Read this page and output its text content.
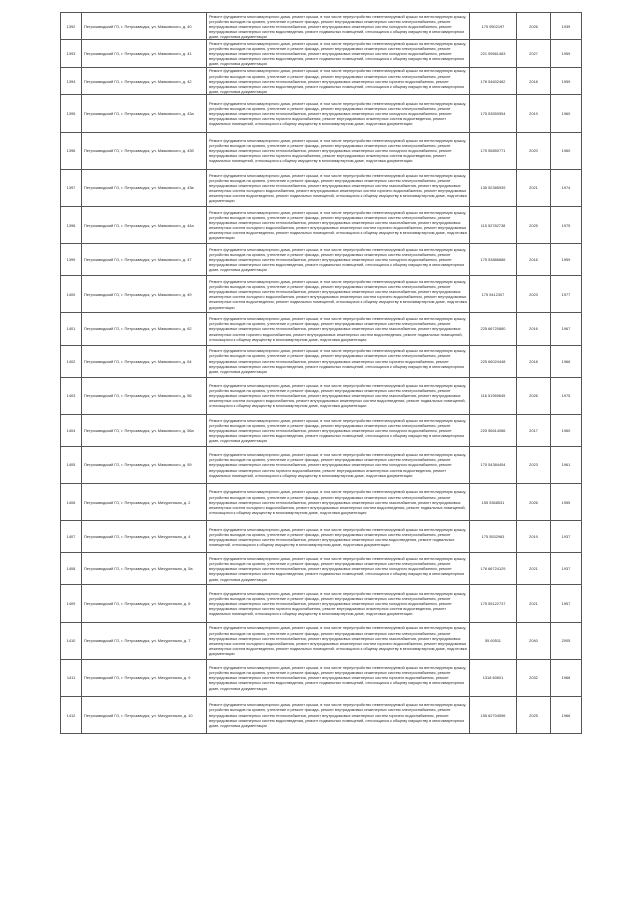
1392	Петрозаводский ГО, г. Петрозаводск, ул. Маяковского, д. 40	Ремонт фундамента многоквартирного дома, ремонт крыши, в том числе переустройство невентилируемой крыши на вентилируемую крышу, устройство выходов на кровлю, утепление и ремонт фасада, ремонт внутридомовых инженерных систем электроснабжения, ремонт внутридомовых инженерных систем теплоснабжения, ремонт внутридомовых инженерных систем холодного водоснабжения, ремонт внутридомовых инженерных систем водоотведения, ремонт подвальных помещений, относящихся к общему имуществу в многоквартирном доме, подготовка документации	175 9502197	2026	1939
1393	Петрозаводский ГО, г. Петрозаводск, ул. Маяковского, д. 41	Ремонт фундамента многоквартирного дома, ремонт крыши, в том числе переустройство невентилируемой крыши на вентилируемую крышу, устройство выходов на кровлю, утепление и ремонт фасада, ремонт внутридомовых инженерных систем электроснабжения, ремонт внутридомовых инженерных систем теплоснабжения, ремонт внутридомовых инженерных систем холодного водоснабжения, ремонт внутридомовых инженерных систем водоотведения, ремонт подвальных помещений, относящихся к общему имуществу в многоквартирном доме, подготовка документации	221 59661463	2027	1959
1394	Петрозаводский ГО, г. Петрозаводск, ул. Маяковского, д. 42	Ремонт фундамента многоквартирного дома, ремонт крыши, в том числе переустройство невентилируемой крыши на вентилируемую крышу, устройство выходов на кровлю, утепление и ремонт фасада, ремонт внутридомовых инженерных систем электроснабжения, ремонт внутридомовых инженерных систем теплоснабжения, ремонт внутридомовых инженерных систем горячего водоснабжения, ремонт внутридомовых инженерных систем водоотведения, ремонт подвальных помещений, относящихся к общему имуществу в многоквартирном доме, подготовка документации	176 54602462	2018	1959
1395	Петрозаводский ГО, г. Петрозаводск, ул. Маяковского, д. 43а	Ремонт фундамента многоквартирного дома, ремонт крыши, в том числе переустройство невентилируемой крыши на вентилируемую крышу, устройство выходов на кровлю, утепление и ремонт фасада, ремонт внутридомовых инженерных систем электроснабжения, ремонт внутридомовых инженерных систем теплоснабжения, ремонт внутридомовых инженерных систем холодного водоснабжения, ремонт внутридомовых инженерных систем горячего водоснабжения, ремонт внутридомовых инженерных систем водоотведения, ремонт подвальных помещений, относящихся к общему имуществу в многоквартирном доме, подготовка документации	175 53550554	2019	1960
1396	Петрозаводский ГО, г. Петрозаводск, ул. Маяковского, д. 43б	Ремонт фундамента многоквартирного дома, ремонт крыши, в том числе переустройство невентилируемой крыши на вентилируемую крышу, устройство выходов на кровлю, утепление и ремонт фасада, ремонт внутридомовых инженерных систем электроснабжения, ремонт внутридомовых инженерных систем теплоснабжения, ремонт внутридомовых инженерных систем холодного водоснабжения, ремонт внутридомовых инженерных систем горячего водоснабжения, ремонт внутридомовых инженерных систем водоотведения, ремонт подвальных помещений, относящихся к общему имуществу в многоквартирном доме, подготовка документации	175 55850771	2020	1960
1397	Петрозаводский ГО, г. Петрозаводск, ул. Маяковского, д. 43в	Ремонт фундамента многоквартирного дома, ремонт крыши, в том числе переустройство невентилируемой крыши на вентилируемую крышу, устройство выходов на кровлю, утепление и ремонт фасада, ремонт внутридомовых инженерных систем электроснабжения, ремонт внутридомовых инженерных систем теплоснабжения, ремонт внутридомовых инженерных систем газоснабжения, ремонт внутридомовых инженерных систем холодного водоснабжения, ремонт внутридомовых инженерных систем горячего водоснабжения, ремонт внутридомовых инженерных систем водоотведения, ремонт подвальных помещений, относящихся к общему имуществу в многоквартирном доме, подготовка документации	135 52385939	2021	1974
1398	Петрозаводский ГО, г. Петрозаводск, ул. Маяковского, д. 44а	Ремонт фундамента многоквартирного дома, ремонт крыши, в том числе переустройство невентилируемой крыши на вентилируемую крышу, устройство выходов на кровлю, утепление и ремонт фасада, ремонт внутридомовых инженерных систем электроснабжения, ремонт внутридомовых инженерных систем теплоснабжения, ремонт внутридомовых инженерных систем газоснабжения, ремонт внутридомовых инженерных систем холодного водоснабжения, ремонт внутридомовых инженерных систем горячего водоснабжения, ремонт внутридомовых инженерных систем водоотведения, ремонт подвальных помещений, относящихся к общему имуществу в многоквартирном доме, подготовка документации	115 52782738	2025	1975
1399	Петрозаводский ГО, г. Петрозаводск, ул. Маяковского, д. 47	Ремонт фундамента многоквартирного дома, ремонт крыши, в том числе переустройство невентилируемой крыши на вентилируемую крышу, устройство выходов на кровлю, утепление и ремонт фасада, ремонт внутридомовых инженерных систем электроснабжения, ремонт внутридомовых инженерных систем теплоснабжения, ремонт внутридомовых инженерных систем холодного водоснабжения, ремонт внутридомовых инженерных систем водоотведения, ремонт подвальных помещений, относящихся к общему имуществу в многоквартирном доме, подготовка документации	175 53886886	2016	1959
1400	Петрозаводский ГО, г. Петрозаводск, ул. Маяковского, д. 49	Ремонт фундамента многоквартирного дома, ремонт крыши, в том числе переустройство невентилируемой крыши на вентилируемую крышу, устройство выходов на кровлю, утепление и ремонт фасада, ремонт внутридомовых инженерных систем электроснабжения, ремонт внутридомовых инженерных систем теплоснабжения, ремонт внутридомовых инженерных систем газоснабжения, ремонт внутридомовых инженерных систем холодного водоснабжения, ремонт внутридомовых инженерных систем горячего водоснабжения, ремонт внутридомовых инженерных систем водоотведения, ремонт подвальных помещений, относящихся к общему имуществу в многоквартирном доме, подготовка документации	175 5412307	2023	1977
1401	Петрозаводский ГО, г. Петрозаводск, ул. Маяковского, д. 62	Ремонт фундамента многоквартирного дома, ремонт крыши, в том числе переустройство невентилируемой крыши на вентилируемую крышу, устройство выходов на кровлю, утепление и ремонт фасада, ремонт внутридомовых инженерных систем электроснабжения, ремонт внутридомовых инженерных систем теплоснабжения, ремонт внутридомовых инженерных систем газоснабжения, ремонт внутридомовых инженерных систем горячего водоснабжения, ремонт внутридомовых инженерных систем водоотведения, ремонт подвальных помещений, относящихся к общему имуществу в многоквартирном доме, подготовка документации	225 66720880	2016	1967
1402	Петрозаводский ГО, г. Петрозаводск, ул. Маяковского, д. 64	Ремонт фундамента многоквартирного дома, ремонт крыши, в том числе переустройство невентилируемой крыши на вентилируемую крышу, устройство выходов на кровлю, утепление и ремонт фасада, ремонт внутридомовых инженерных систем электроснабжения, ремонт внутридомовых инженерных систем теплоснабжения, ремонт внутридомовых инженерных систем горячего водоснабжения, ремонт внутридомовых инженерных систем водоотведения, ремонт подвальных помещений, относящихся к общему имуществу в многоквартирном доме, подготовка документации	225 66024448	2018	1966
1403	Петрозаводский ГО, г. Петрозаводск, ул. Маяковского, д. 56	Ремонт фундамента многоквартирного дома, ремонт крыши, в том числе переустройство невентилируемой крыши на вентилируемую крышу, устройство выходов на кровлю, утепление и ремонт фасада, ремонт внутридомовых инженерных систем электроснабжения, ремонт внутридомовых инженерных систем теплоснабжения, ремонт внутридомовых инженерных систем газоснабжения, ремонт внутридомовых инженерных систем холодного водоснабжения, ремонт внутридомовых инженерных систем водоотведения, ремонт подвальных помещений, относящихся к общему имуществу в многоквартирном доме, подготовка документации	116 51969845	2026	1975
1404	Петрозаводский ГО, г. Петрозаводск, ул. Маяковского, д. 56а	Ремонт фундамента многоквартирного дома, ремонт крыши, в том числе переустройство невентилируемой крыши на вентилируемую крышу, устройство выходов на кровлю, утепление и ремонт фасада, ремонт внутридомовых инженерных систем электроснабжения, ремонт внутридомовых инженерных систем теплоснабжения, ремонт внутридомовых инженерных систем холодного водоснабжения, ремонт внутридомовых инженерных систем водоотведения, ремонт подвальных помещений, относящихся к общему имуществу в многоквартирном доме, подготовка документации	225 56614086	2017	1960
1405	Петрозаводский ГО, г. Петрозаводск, ул. Маяковского, д. 59	Ремонт фундамента многоквартирного дома, ремонт крыши, в том числе переустройство невентилируемой крыши на вентилируемую крышу, устройство выходов на кровлю, утепление и ремонт фасада, ремонт внутридомовых инженерных систем электроснабжения, ремонт внутридомовых инженерных систем теплоснабжения, ремонт внутридомовых инженерных систем холодного водоснабжения, ремонт внутридомовых инженерных систем горячего водоснабжения, ремонт внутридомовых инженерных систем водоотведения, ремонт подвальных помещений, относящихся к общему имуществу в многоквартирном доме, подготовка документации	175 54384454	2023	1961
1406	Петрозаводский ГО, г. Петрозаводск, ул. Мичуринская, д. 2	Ремонт фундамента многоквартирного дома, ремонт крыши, в том числе переустройство невентилируемой крыши на вентилируемую крышу, устройство выходов на кровлю, утепление и ремонт фасада, ремонт внутридомовых инженерных систем электроснабжения, ремонт внутридомовых инженерных систем теплоснабжения, ремонт внутридомовых инженерных систем газоснабжения, ремонт внутридомовых инженерных систем холодного водоснабжения, ремонт внутридомовых инженерных систем водоотведения, ремонт подвальных помещений, относящихся к общему имуществу в многоквартирном доме, подготовка документации	155 5368531	2026	1955
1407	Петрозаводский ГО, г. Петрозаводск, ул. Мичуринская, д. 4	Ремонт фундамента многоквартирного дома, ремонт крыши, в том числе переустройство невентилируемой крыши на вентилируемую крышу, устройство выходов на кровлю, утепление и ремонт фасада, ремонт внутридомовых инженерных систем электроснабжения, ремонт внутридомовых инженерных систем теплоснабжения, ремонт внутридомовых инженерных систем водоотведения, ремонт подвальных помещений, относящихся к общему имуществу в многоквартирном доме, подготовка документации	175 5532983	2019	1937
1408	Петрозаводский ГО, г. Петрозаводск, ул. Мичуринская, д. 5а	Ремонт фундамента многоквартирного дома, ремонт крыши, в том числе переустройство невентилируемой крыши на вентилируемую крышу, устройство выходов на кровлю, утепление и ремонт фасада, ремонт внутридомовых инженерных систем электроснабжения, ремонт внутридомовых инженерных систем теплоснабжения, ремонт внутридомовых инженерных систем холодного водоснабжения, ремонт внутридомовых инженерных систем водоотведения, ремонт подвальных помещений, относящихся к общему имуществу в многоквартирном доме, подготовка документации	176 66724129	2021	1937
1409	Петрозаводский ГО, г. Петрозаводск, ул. Мичуринская, д. 6	Ремонт фундамента многоквартирного дома, ремонт крыши, в том числе переустройство невентилируемой крыши на вентилируемую крышу, устройство выходов на кровлю, утепление и ремонт фасада, ремонт внутридомовых инженерных систем электроснабжения, ремонт внутридомовых инженерных систем теплоснабжения, ремонт внутридомовых инженерных систем холодного водоснабжения, ремонт внутридомовых инженерных систем горячего водоснабжения, ремонт внутридомовых инженерных систем водоотведения, ремонт подвальных помещений, относящихся к общему имуществу в многоквартирном доме, подготовка документации	175 55122737	2021	1957
1410	Петрозаводский ГО, г. Петрозаводск, ул. Мичуринская, д. 7	Ремонт фундамента многоквартирного дома, ремонт крыши, в том числе переустройство невентилируемой крыши на вентилируемую крышу, устройство выходов на кровлю, утепление и ремонт фасада, ремонт внутридомовых инженерных систем электроснабжения, ремонт внутридомовых инженерных систем теплоснабжения, ремонт внутридомовых инженерных систем газоснабжения, ремонт внутридомовых инженерных систем холодного водоснабжения, ремонт внутридомовых инженерных систем горячего водоснабжения, ремонт внутридомовых инженерных систем водоотведения, ремонт подвальных помещений, относящихся к общему имуществу в многоквартирном доме, подготовка документации	55 60511	2040	2005
1411	Петрозаводский ГО, г. Петрозаводск, ул. Мичуринская, д. 9	Ремонт фундамента многоквартирного дома, ремонт крыши, в том числе переустройство невентилируемой крыши на вентилируемую крышу, устройство выходов на кровлю, утепление и ремонт фасада, ремонт внутридомовых инженерных систем электроснабжения, ремонт внутридомовых инженерных систем теплоснабжения, ремонт внутридомовых инженерных систем горячего водоснабжения, ремонт внутридомовых инженерных систем водоотведения, ремонт подвальных помещений, относящихся к общему имуществу в многоквартирном доме, подготовка документации	1318 60601	2032	1968
1412	Петрозаводский ГО, г. Петрозаводск, ул. Мичуринская, д. 10	Ремонт фундамента многоквартирного дома, ремонт крыши, в том числе переустройство невентилируемой крыши на вентилируемую крышу, устройство выходов на кровлю, утепление и ремонт фасада, ремонт внутридомовых инженерных систем электроснабжения, ремонт внутридомовых инженерных систем теплоснабжения, ремонт внутридомовых инженерных систем горячего водоснабжения, ремонт внутридомовых инженерных систем водоотведения, ремонт подвальных помещений, относящихся к общему имуществу в многоквартирном доме, подготовка документации	155 62704596	2025	1966
